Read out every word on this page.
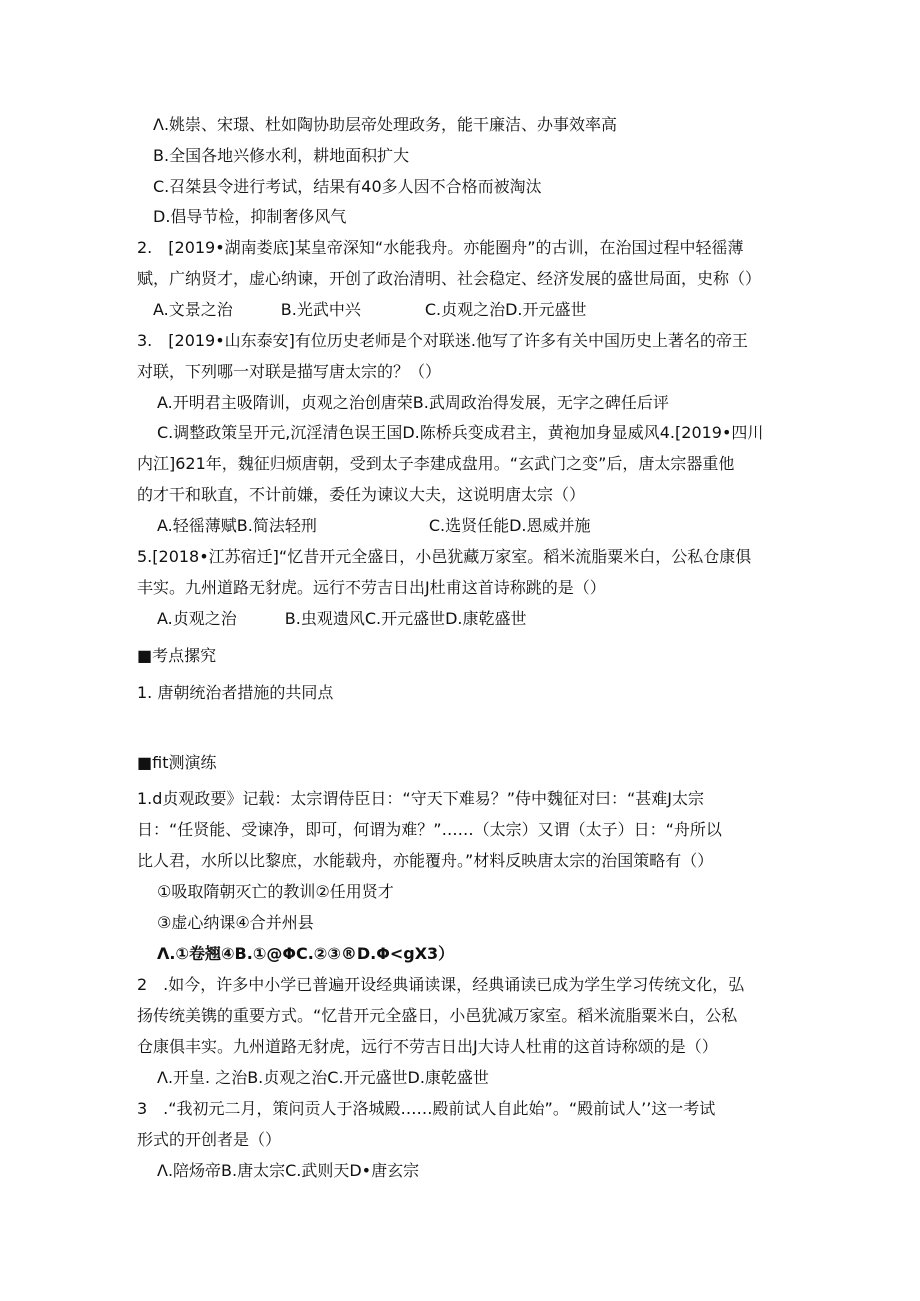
Λ.姚崇、宋璟、杜如陶协助层帝处理政务，能干廉洁、办事效率高
B.全国各地兴修水利，耕地面积扩大
C.召桀县令进行考试，结果有40多人因不合格而被淘汰
D.倡导节检，抑制奢侈风气
2.　[2019•湖南娄底]某皇帝深知“水能我舟。亦能圈舟”的古训，在治国过程中轻徭薄
赋，广纳贤才，虚心纳谏，开创了政治清明、社会稳定、经济发展的盛世局面，史称（）
A.文景之治　　　B.光武中兴　　　　C.贞观之治D.开元盛世
3.　[2019•山东泰安]有位历史老师是个对联迷.他写了许多有关中国历史上著名的帝王
对联，下列哪一对联是描写唐太宗的？（）
A.开明君主吸隋训，贞观之治创唐荣B.武周政治得发展，无字之碑任后评
C.调整政策呈开元,沉淫清色误王国D.陈桥兵变成君主，黄袍加身显威风4.[2019•四川
内江]621年，魏征归烦唐朝，受到太子李建成盘用。“玄武门之变”后，唐太宗器重他
的才干和耿直，不计前嫌，委任为谏议大夫，这说明唐太宗（）
A.轻徭薄赋B.简法轻刑　　　　　　　C.选贤任能D.恩威并施
5.[2018•江苏宿迁]“忆昔开元全盛日，小邑犹藏万家室。稻米流脂粟米白，公私仓康俱
丰实。九州道路无豺虎。远行不劳吉日出J杜甫这首诗称跳的是（）
A.贞观之治　　　B.虫观遗风C.开元盛世D.康乾盛世
■考点摞究
1. 唐朝统治者措施的共同点
■fit测演练
1.d贞观政要》记载：太宗谓侍臣日：“守天下难易？”侍中魏征对曰：“甚难J太宗
日：“任贤能、受谏净，即可，何谓为难？”……（太宗）又谓（太子）日：“舟所以
比人君，水所以比黎庶，水能载舟，亦能覆舟。”材料反映唐太宗的治国策略有（）
①吸取隋朝灭亡的教训②任用贤才
③虚心纳课④合并州县
Λ.①卷翘④B.①@ΦC.②③®D.Φ<gX3）
2　.如今，许多中小学已普遍开设经典诵读课，经典诵读已成为学生学习传统文化，弘
扬传统美镌的重要方式。“忆昔开元全盛日，小邑犹减万家室。稻米流脂粟米白，公私
仓康俱丰实。九州道路无豺虎，远行不劳吉日出J大诗人杜甫的这首诗称颂的是（）
Λ.开皇. 之治B.贞观之治C.开元盛世D.康乾盛世
3　.“我初元二月，策问贡人于洛城殿……殿前试人自此始”。“殿前试人’’这一考试
形式的开创者是（）
Λ.陪炀帝B.唐太宗C.武则天D•唐玄宗
